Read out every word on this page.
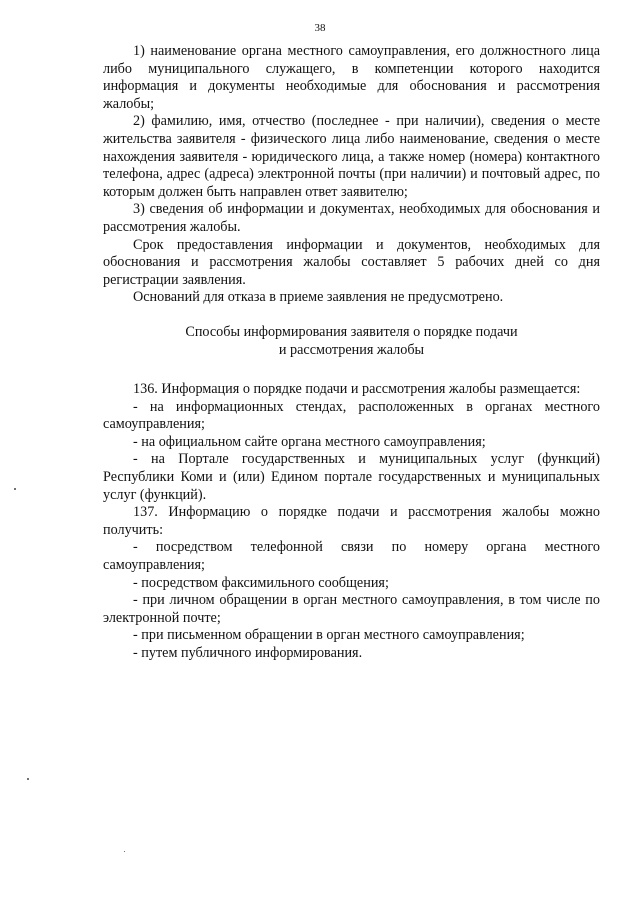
38

1) наименование органа местного самоуправления, его должностного лица либо муниципального служащего, в компетенции которого находится информация и документы необходимые для обоснования и рассмотрения жалобы;

2) фамилию, имя, отчество (последнее - при наличии), сведения о месте жительства заявителя - физического лица либо наименование, сведения о месте нахождения заявителя - юридического лица, а также номер (номера) контактного телефона, адрес (адреса) электронной почты (при наличии) и почтовый адрес, по которым должен быть направлен ответ заявителю;

3) сведения об информации и документах, необходимых для обоснования и рассмотрения жалобы.

Срок предоставления информации и документов, необходимых для обоснования и рассмотрения жалобы составляет 5 рабочих дней со дня регистрации заявления.

Оснований для отказа в приеме заявления не предусмотрено.

Способы информирования заявителя о порядке подачи
и рассмотрения жалобы

136. Информация о порядке подачи и рассмотрения жалобы размещается:

- на информационных стендах, расположенных в органах местного самоуправления;

- на официальном сайте органа местного самоуправления;

- на Портале государственных и муниципальных услуг (функций) Республики Коми и (или) Едином портале государственных и муниципальных услуг (функций).

137. Информацию о порядке подачи и рассмотрения жалобы можно получить:

- посредством телефонной связи по номеру органа местного самоуправления;

- посредством факсимильного сообщения;

- при личном обращении в орган местного самоуправления, в том числе по электронной почте;

- при письменном обращении в орган местного самоуправления;

- путем публичного информирования.
